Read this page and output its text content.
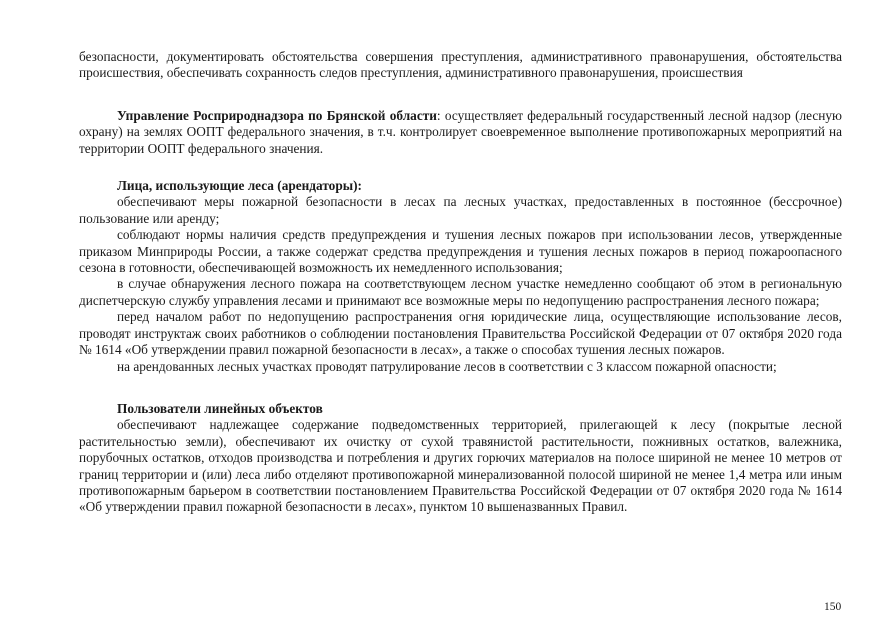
безопасности, документировать обстоятельства совершения преступления, административного правонарушения, обстоятельства происшествия, обеспечивать сохранность следов преступления, административного правонарушения, происшествия

Управление Росприроднадзора по Брянской области: осуществляет федеральный государственный лесной надзор (лесную охрану) на землях ООПТ федерального значения, в т.ч. контролирует своевременное выполнение противопожарных мероприятий на территории ООПТ федерального значения.

Лица, использующие леса (арендаторы):

обеспечивают меры пожарной безопасности в лесах па лесных участках, предоставленных в постоянное (бессрочное) пользование или аренду;

соблюдают нормы наличия средств предупреждения и тушения лесных пожаров при использовании лесов, утвержденные приказом Минприроды России, а также содержат средства предупреждения и тушения лесных пожаров в период пожароопасного сезона в готовности, обеспечивающей возможность их немедленного использования;

в случае обнаружения лесного пожара на соответствующем лесном участке немедленно сообщают об этом в региональную диспетчерскую службу управления лесами и принимают все возможные меры по недопущению распространения лесного пожара;

перед началом работ по недопущению распространения огня юридические лица, осуществляющие использование лесов, проводят инструктаж своих работников о соблюдении постановления Правительства Российской Федерации от 07 октября 2020 года № 1614 «Об утверждении правил пожарной безопасности в лесах», а также о способах тушения лесных пожаров.

на арендованных лесных участках проводят патрулирование лесов в соответствии с 3 классом пожарной опасности;

Пользователи линейных объектов

обеспечивают надлежащее содержание подведомственных территорией, прилегающей к лесу (покрытые лесной растительностью земли), обеспечивают их очистку от сухой травянистой растительности, пожнивных остатков, валежника, порубочных остатков, отходов производства и потребления и других горючих материалов на полосе шириной не менее 10 метров от границ территории и (или) леса либо отделяют противопожарной минерализованной полосой шириной не менее 1,4 метра или иным противопожарным барьером в соответствии постановлением Правительства Российской Федерации от 07 октября 2020 года № 1614 «Об утверждении правил пожарной безопасности в лесах», пунктом 10 вышеназванных Правил.

150
